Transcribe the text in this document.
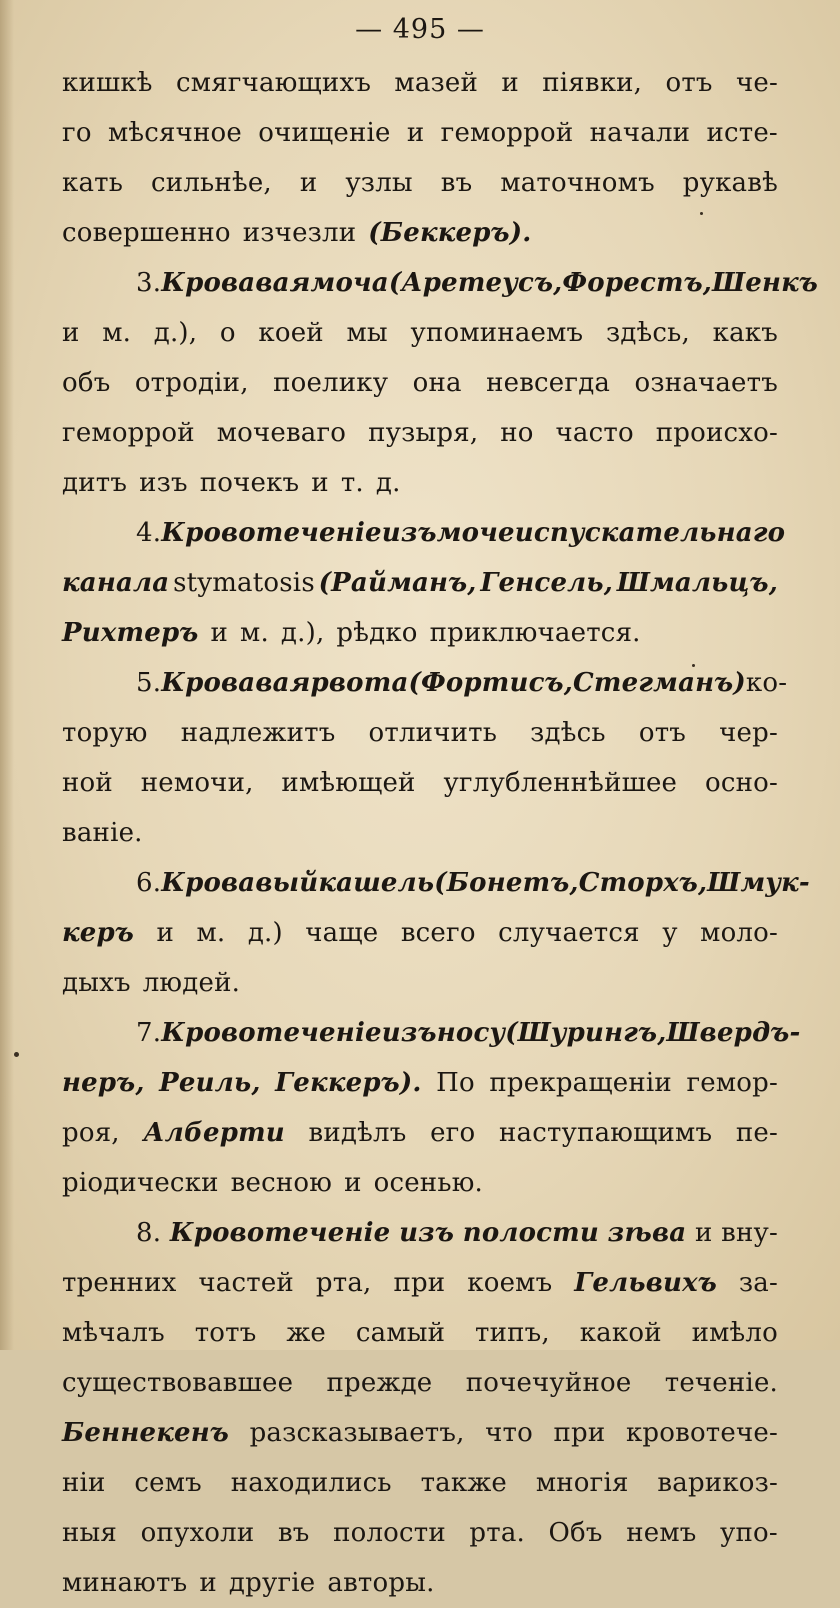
— 495 —
кишкѣ смягчающихъ мазей и піявки, отъ че-
го мѣсячное очищеніе и геморрой начали исте-
кать сильнѣе, и узлы въ маточномъ рукавѣ
совершенно изчезли (Беккеръ).
3. Кровавая моча (Аретеусъ, Форестъ, Шенкъ
и м. д.), о коей мы упоминаемъ здѣсь, какъ
объ отродіи, поелику она невсегда означаетъ
геморрой мочеваго пузыря, но часто происхо-
дитъ изъ почекъ и т. д.
4. Кровотеченіе изъ мочеиспускательнаго
канала stymatosis (Райманъ, Генсель, Шмальцъ,
Рихтеръ и м. д.), рѣдко приключается.
5. Кровавая рвота (Фортисъ, Стегманъ) ко-
торую надлежитъ отличить здѣсь отъ чер-
ной немочи, имѣющей углубленнѣйшее осно-
ваніе.
6. Кровавый кашель (Бонетъ, Сторхъ, Шмук-
керъ и м. д.) чаще всего случается у моло-
дыхъ людей.
7. Кровотеченіе изъ носу (Шурингъ, Швердъ-
неръ, Реиль, Геккеръ). По прекращеніи гемор-
роя, Алберти видѣлъ его наступающимъ пе-
ріодически весною и осенью.
8. Кровотеченіе изъ полости зѣва и вну-
тренних частей рта, при коемъ Гельвихъ за-
мѣчалъ тотъ же самый типъ, какой имѣло
существовавшее прежде почечуйное теченіе.
Беннекенъ разсказываетъ, что при кровотече-
ніи семъ находились также многія варикоз-
ныя опухоли въ полости рта. Объ немъ упо-
минаютъ и другіе авторы.
